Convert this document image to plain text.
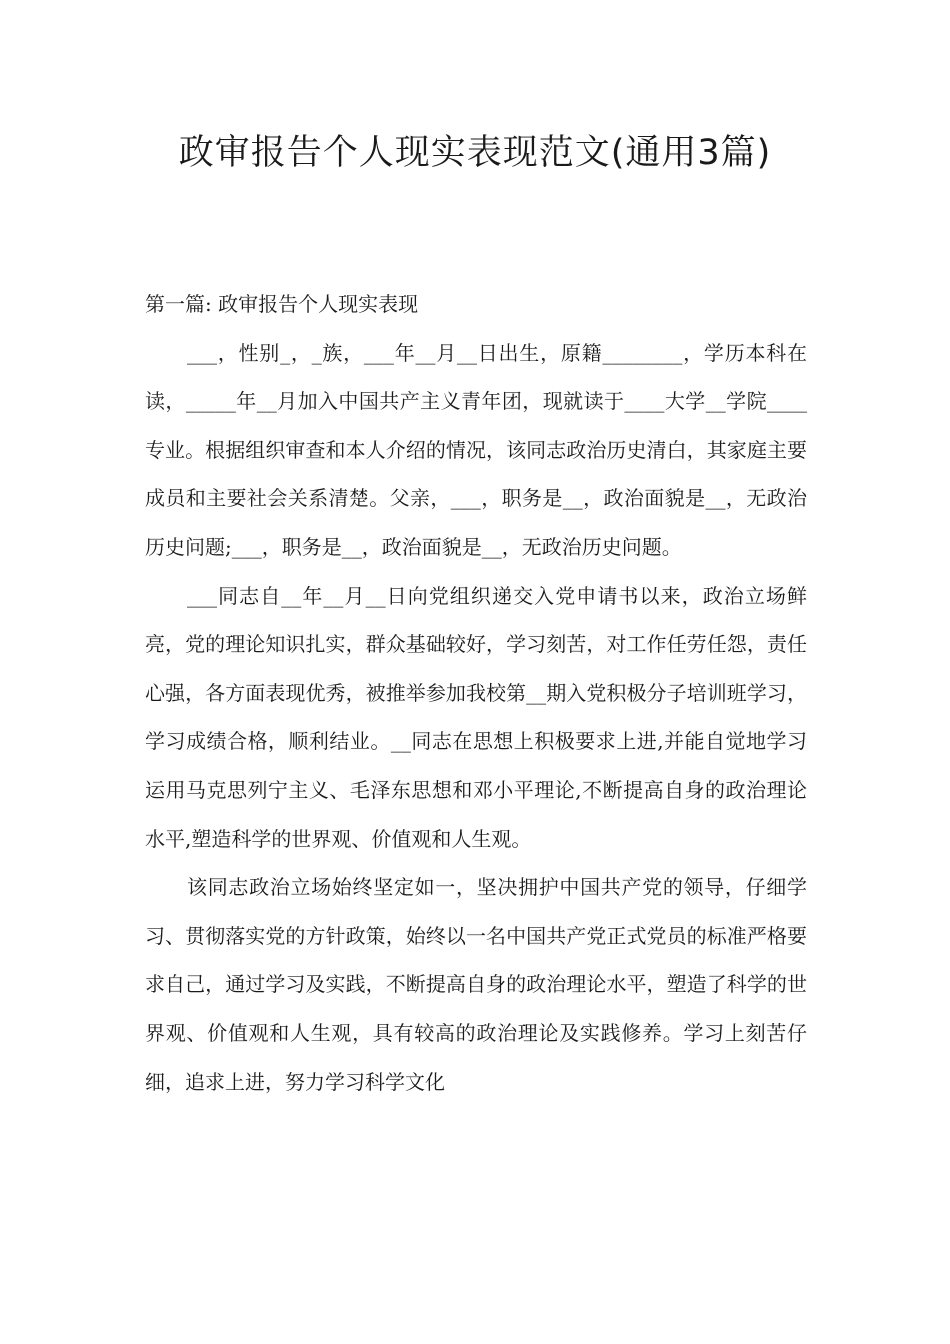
政审报告个人现实表现范文(通用3篇)

第一篇: 政审报告个人现实表现

___，性别_，_族，___年__月__日出生，原籍________，学历本科在读，_____年__月加入中国共产主义青年团，现就读于____大学__学院____专业。根据组织审查和本人介绍的情况，该同志政治历史清白，其家庭主要成员和主要社会关系清楚。父亲，___，职务是__，政治面貌是__，无政治历史问题;___，职务是__，政治面貌是__，无政治历史问题。

___同志自__年__月__日向党组织递交入党申请书以来，政治立场鲜亮，党的理论知识扎实，群众基础较好，学习刻苦，对工作任劳任怨，责任心强，各方面表现优秀，被推举参加我校第__期入党积极分子培训班学习，学习成绩合格，顺利结业。__同志在思想上积极要求上进,并能自觉地学习运用马克思列宁主义、毛泽东思想和邓小平理论,不断提高自身的政治理论水平,塑造科学的世界观、价值观和人生观。

该同志政治立场始终坚定如一，坚决拥护中国共产党的领导，仔细学习、贯彻落实党的方针政策，始终以一名中国共产党正式党员的标准严格要求自己，通过学习及实践，不断提高自身的政治理论水平，塑造了科学的世界观、价值观和人生观，具有较高的政治理论及实践修养。学习上刻苦仔细，追求上进，努力学习科学文化
